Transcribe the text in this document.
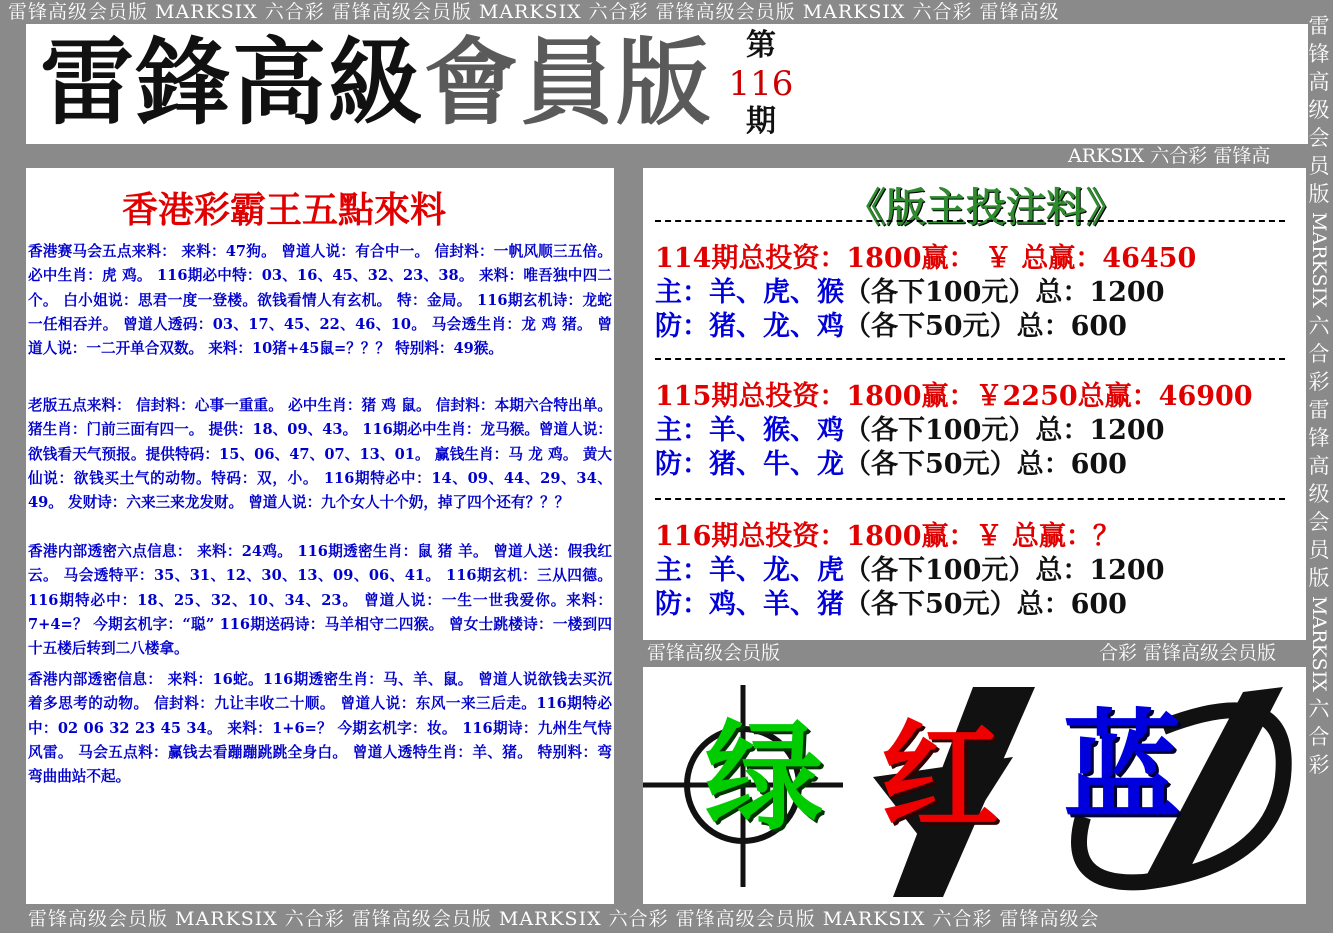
雷锋高级会员版 MARKSIX 六合彩 雷锋高级会员版 MARKSIX 六合彩 雷锋高级会员版 MARKSIX 六合彩 雷锋高级
雷
锋
高
级
会
员
版
MARKSIX
六
合
彩
雷
锋
高
级
会
员
版
MARKSIX
六
合
彩
雷鋒高級會員版	第
116
期
ARKSIX 六合彩 雷锋高
香港彩霸王五點來料
香港赛马会五点来料： 来料：47狗。 曾道人说：有合中一。 信封料：一帆风顺三五倍。 必中生肖：虎 鸡。 116期必中特：03、16、45、32、23、38。 来料：唯吾独中四二个。 白小姐说：思君一度一登楼。欲钱看情人有玄机。 特：金局。 116期玄机诗：龙蛇一任相吞并。 曾道人透码：03、17、45、22、46、10。 马会透生肖：龙 鸡 猪。 曾道人说：一二开单合双数。 来料：10猪+45鼠=？？？ 特别料：49猴。
老版五点来料： 信封料：心事一重重。 必中生肖：猪 鸡 鼠。 信封料：本期六合特出单。猪生肖：门前三面有四一。 提供：18、09、43。 116期必中生肖：龙马猴。曾道人说：欲钱看天气预报。提供特码：15、06、47、07、13、01。 赢钱生肖：马 龙 鸡。 黄大仙说：欲钱买土气的动物。特码：双，小。 116期特必中：14、09、44、29、34、49。 发财诗：六来三来龙发财。 曾道人说：九个女人十个奶，掉了四个还有？？？
香港内部透密六点信息： 来料：24鸡。 116期透密生肖：鼠 猪 羊。 曾道人送：假我红云。 马会透特平：35、31、12、30、13、09、06、41。 116期玄机：三从四德。 116期特必中：18、25、32、10、34、23。 曾道人说：一生一世我爱你。来料：7+4=？ 今期玄机字：“聪” 116期送码诗：马羊相守二四猴。 曾女士跳楼诗：一楼到四十五楼后转到二八楼拿。
香港内部透密信息： 来料：16蛇。116期透密生肖：马、羊、鼠。 曾道人说欲钱去买沉着多思考的动物。 信封料：九让丰收二十顺。 曾道人说：东风一来三后走。116期特必中：02 06 32 23 45 34。 来料：1+6=？ 今期玄机字：妆。 116期诗：九州生气恃风雷。 马会五点料：赢钱去看蹦蹦跳跳全身白。 曾道人透特生肖：羊、猪。 特别料：弯弯曲曲站不起。
《版主投注料》
114期总投资：1800赢： ￥ 总赢：46450
主：羊、虎、猴（各下100元）总：1200
防：猪、龙、鸡（各下50元）总：600
115期总投资：1800赢：￥2250总赢：46900
主：羊、猴、鸡（各下100元）总：1200
防：猪、牛、龙（各下50元）总：600
116期总投资：1800赢：￥ 总赢：？
主：羊、龙、虎（各下100元）总：1200
防：鸡、羊、猪（各下50元）总：600
雷锋高级会员版	合彩 雷锋高级会员版
绿 红 蓝
雷锋高级会员版 MARKSIX 六合彩 雷锋高级会员版 MARKSIX 六合彩 雷锋高级会员版 MARKSIX 六合彩 雷锋高级会
